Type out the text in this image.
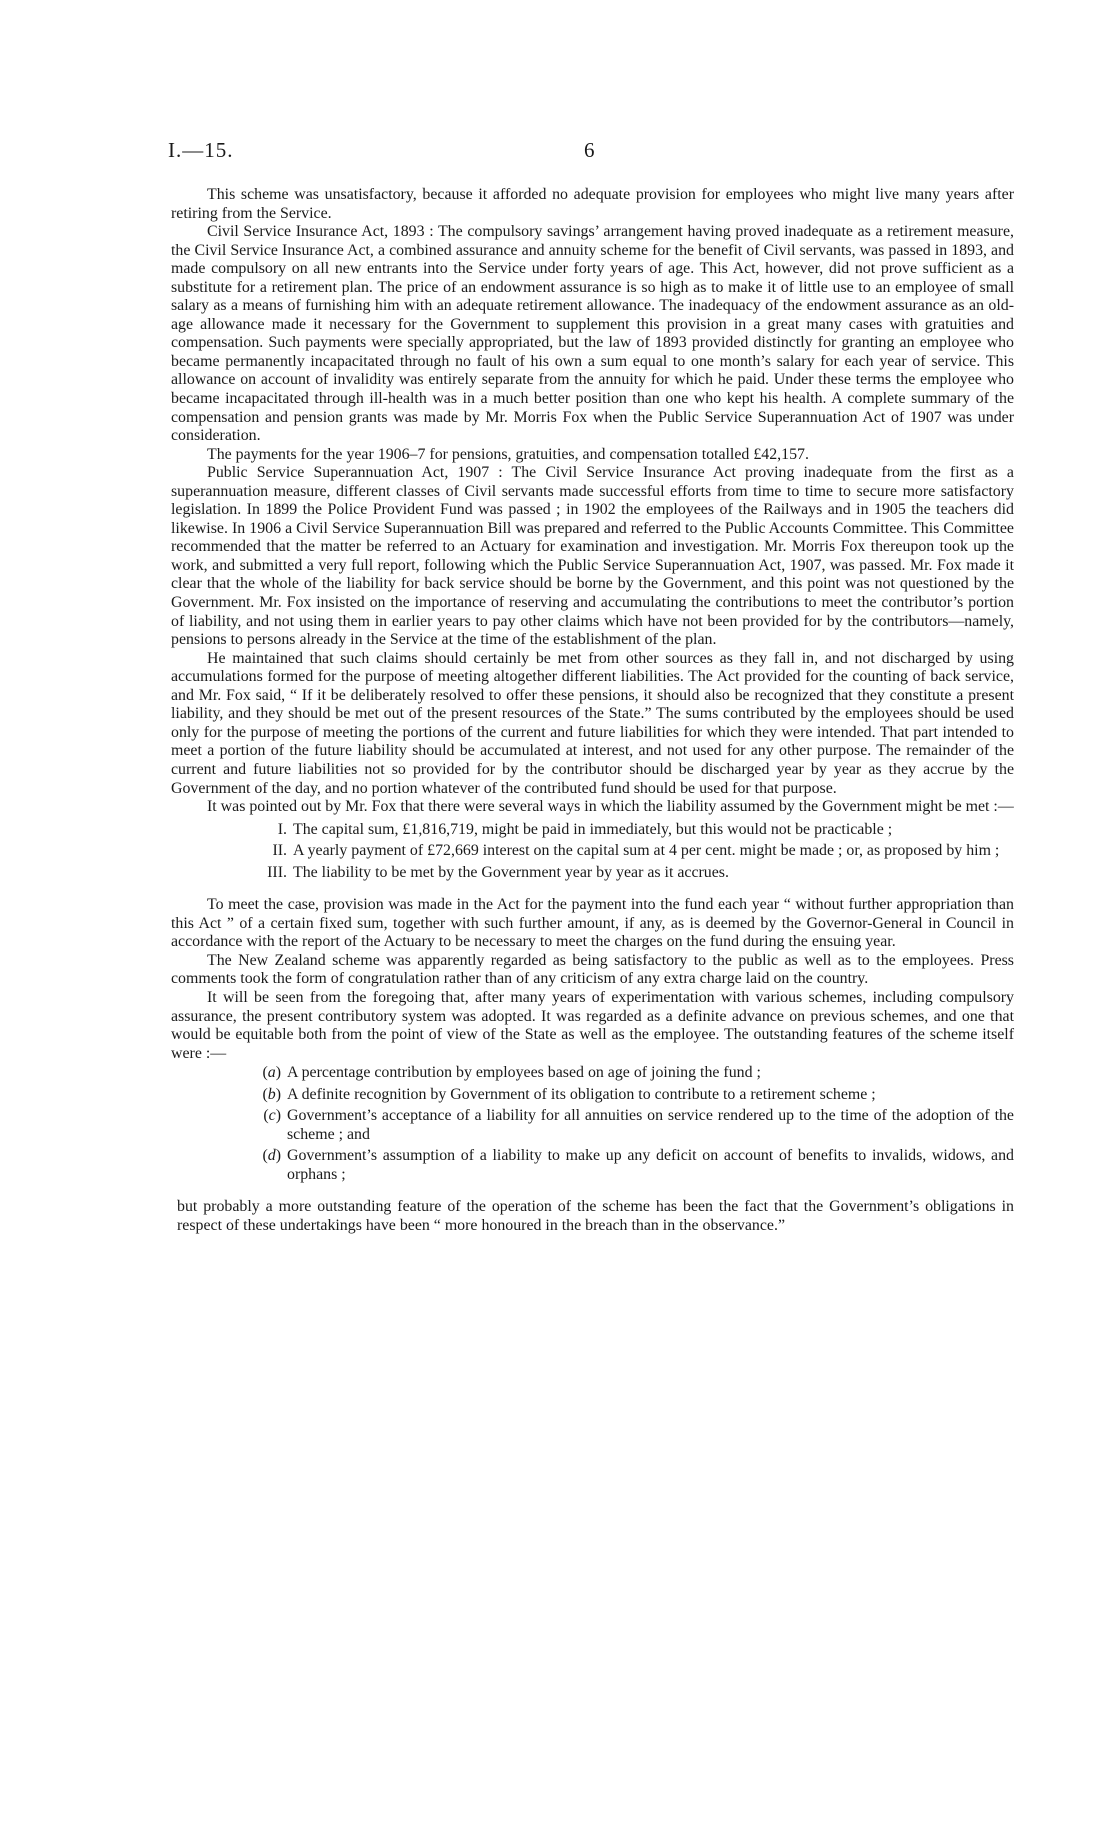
I.—15.	6

This scheme was unsatisfactory, because it afforded no adequate provision for employees who might live many years after retiring from the Service.

Civil Service Insurance Act, 1893 : The compulsory savings’ arrangement having proved inadequate as a retirement measure, the Civil Service Insurance Act, a combined assurance and annuity scheme for the benefit of Civil servants, was passed in 1893, and made compulsory on all new entrants into the Service under forty years of age. This Act, however, did not prove sufficient as a substitute for a retirement plan. The price of an endowment assurance is so high as to make it of little use to an employee of small salary as a means of furnishing him with an adequate retirement allowance. The inadequacy of the endowment assurance as an old-age allowance made it necessary for the Government to supplement this provision in a great many cases with gratuities and compensation. Such payments were specially appropriated, but the law of 1893 provided distinctly for granting an employee who became permanently incapacitated through no fault of his own a sum equal to one month’s salary for each year of service. This allowance on account of invalidity was entirely separate from the annuity for which he paid. Under these terms the employee who became incapacitated through ill-health was in a much better position than one who kept his health. A complete summary of the compensation and pension grants was made by Mr. Morris Fox when the Public Service Superannuation Act of 1907 was under consideration.

The payments for the year 1906–7 for pensions, gratuities, and compensation totalled £42,157.

Public Service Superannuation Act, 1907 : The Civil Service Insurance Act proving inadequate from the first as a superannuation measure, different classes of Civil servants made successful efforts from time to time to secure more satisfactory legislation. In 1899 the Police Provident Fund was passed ; in 1902 the employees of the Railways and in 1905 the teachers did likewise. In 1906 a Civil Service Superannuation Bill was prepared and referred to the Public Accounts Committee. This Committee recommended that the matter be referred to an Actuary for examination and investigation. Mr. Morris Fox thereupon took up the work, and submitted a very full report, following which the Public Service Superannuation Act, 1907, was passed. Mr. Fox made it clear that the whole of the liability for back service should be borne by the Government, and this point was not questioned by the Government. Mr. Fox insisted on the importance of reserving and accumulating the contributions to meet the contributor’s portion of liability, and not using them in earlier years to pay other claims which have not been provided for by the contributors—namely, pensions to persons already in the Service at the time of the establishment of the plan.

He maintained that such claims should certainly be met from other sources as they fall in, and not discharged by using accumulations formed for the purpose of meeting altogether different liabilities. The Act provided for the counting of back service, and Mr. Fox said, “ If it be deliberately resolved to offer these pensions, it should also be recognized that they constitute a present liability, and they should be met out of the present resources of the State.” The sums contributed by the employees should be used only for the purpose of meeting the portions of the current and future liabilities for which they were intended. That part intended to meet a portion of the future liability should be accumulated at interest, and not used for any other purpose. The remainder of the current and future liabilities not so provided for by the contributor should be discharged year by year as they accrue by the Government of the day, and no portion whatever of the contributed fund should be used for that purpose.

It was pointed out by Mr. Fox that there were several ways in which the liability assumed by the Government might be met :—

I. The capital sum, £1,816,719, might be paid in immediately, but this would not be practicable ;
II. A yearly payment of £72,669 interest on the capital sum at 4 per cent. might be made ; or, as proposed by him ;
III. The liability to be met by the Government year by year as it accrues.

To meet the case, provision was made in the Act for the payment into the fund each year “ without further appropriation than this Act ” of a certain fixed sum, together with such further amount, if any, as is deemed by the Governor-General in Council in accordance with the report of the Actuary to be necessary to meet the charges on the fund during the ensuing year.

The New Zealand scheme was apparently regarded as being satisfactory to the public as well as to the employees. Press comments took the form of congratulation rather than of any criticism of any extra charge laid on the country.

It will be seen from the foregoing that, after many years of experimentation with various schemes, including compulsory assurance, the present contributory system was adopted. It was regarded as a definite advance on previous schemes, and one that would be equitable both from the point of view of the State as well as the employee. The outstanding features of the scheme itself were :—

(a) A percentage contribution by employees based on age of joining the fund ;
(b) A definite recognition by Government of its obligation to contribute to a retirement scheme ;
(c) Government’s acceptance of a liability for all annuities on service rendered up to the time of the adoption of the scheme ; and
(d) Government’s assumption of a liability to make up any deficit on account of benefits to invalids, widows, and orphans ;

but probably a more outstanding feature of the operation of the scheme has been the fact that the Government’s obligations in respect of these undertakings have been “ more honoured in the breach than in the observance.”
